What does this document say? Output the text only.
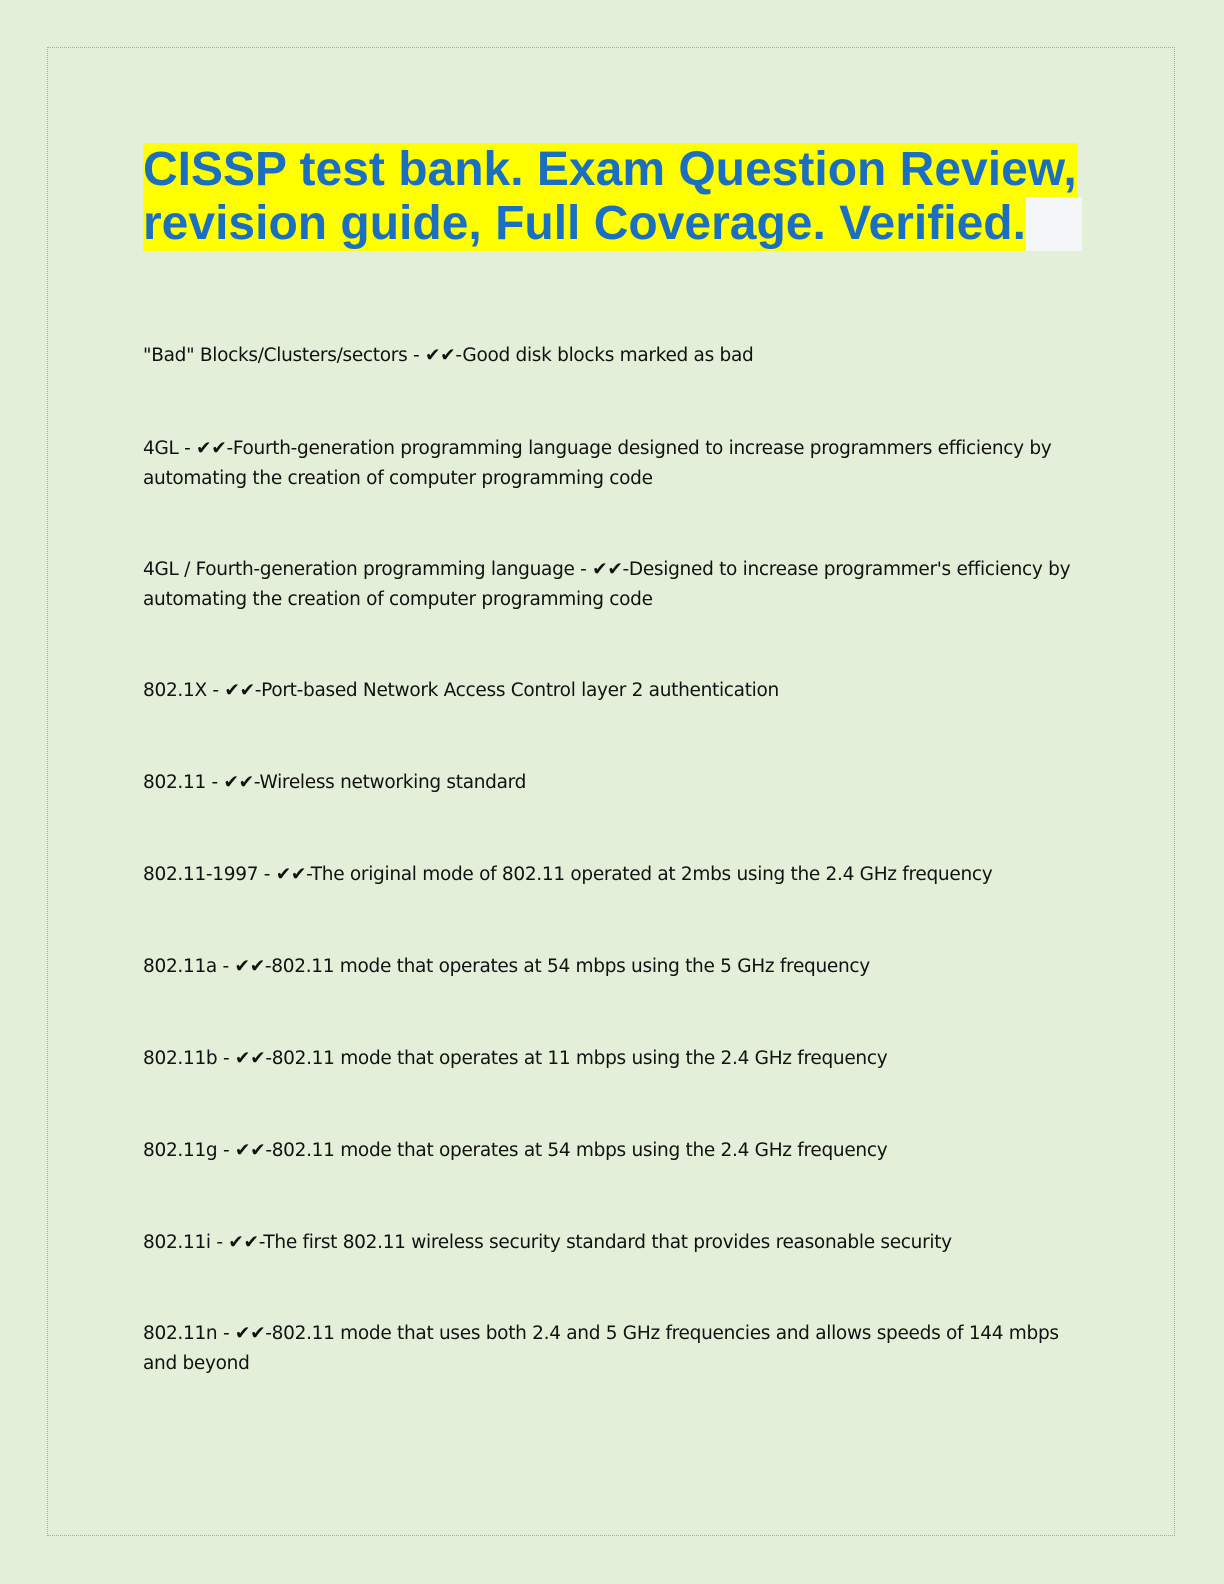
CISSP test bank. Exam Question Review,
revision guide, Full Coverage. Verified.

"Bad" Blocks/Clusters/sectors - ✔✔-Good disk blocks marked as bad

4GL - ✔✔-Fourth-generation programming language designed to increase programmers efficiency by automating the creation of computer programming code

4GL / Fourth-generation programming language - ✔✔-Designed to increase programmer's efficiency by automating the creation of computer programming code

802.1X - ✔✔-Port-based Network Access Control layer 2 authentication

802.11 - ✔✔-Wireless networking standard

802.11-1997 - ✔✔-The original mode of 802.11 operated at 2mbs using the 2.4 GHz frequency

802.11a - ✔✔-802.11 mode that operates at 54 mbps using the 5 GHz frequency

802.11b - ✔✔-802.11 mode that operates at 11 mbps using the 2.4 GHz frequency

802.11g - ✔✔-802.11 mode that operates at 54 mbps using the 2.4 GHz frequency

802.11i - ✔✔-The first 802.11 wireless security standard that provides reasonable security

802.11n - ✔✔-802.11 mode that uses both 2.4 and 5 GHz frequencies and allows speeds of 144 mbps and beyond
